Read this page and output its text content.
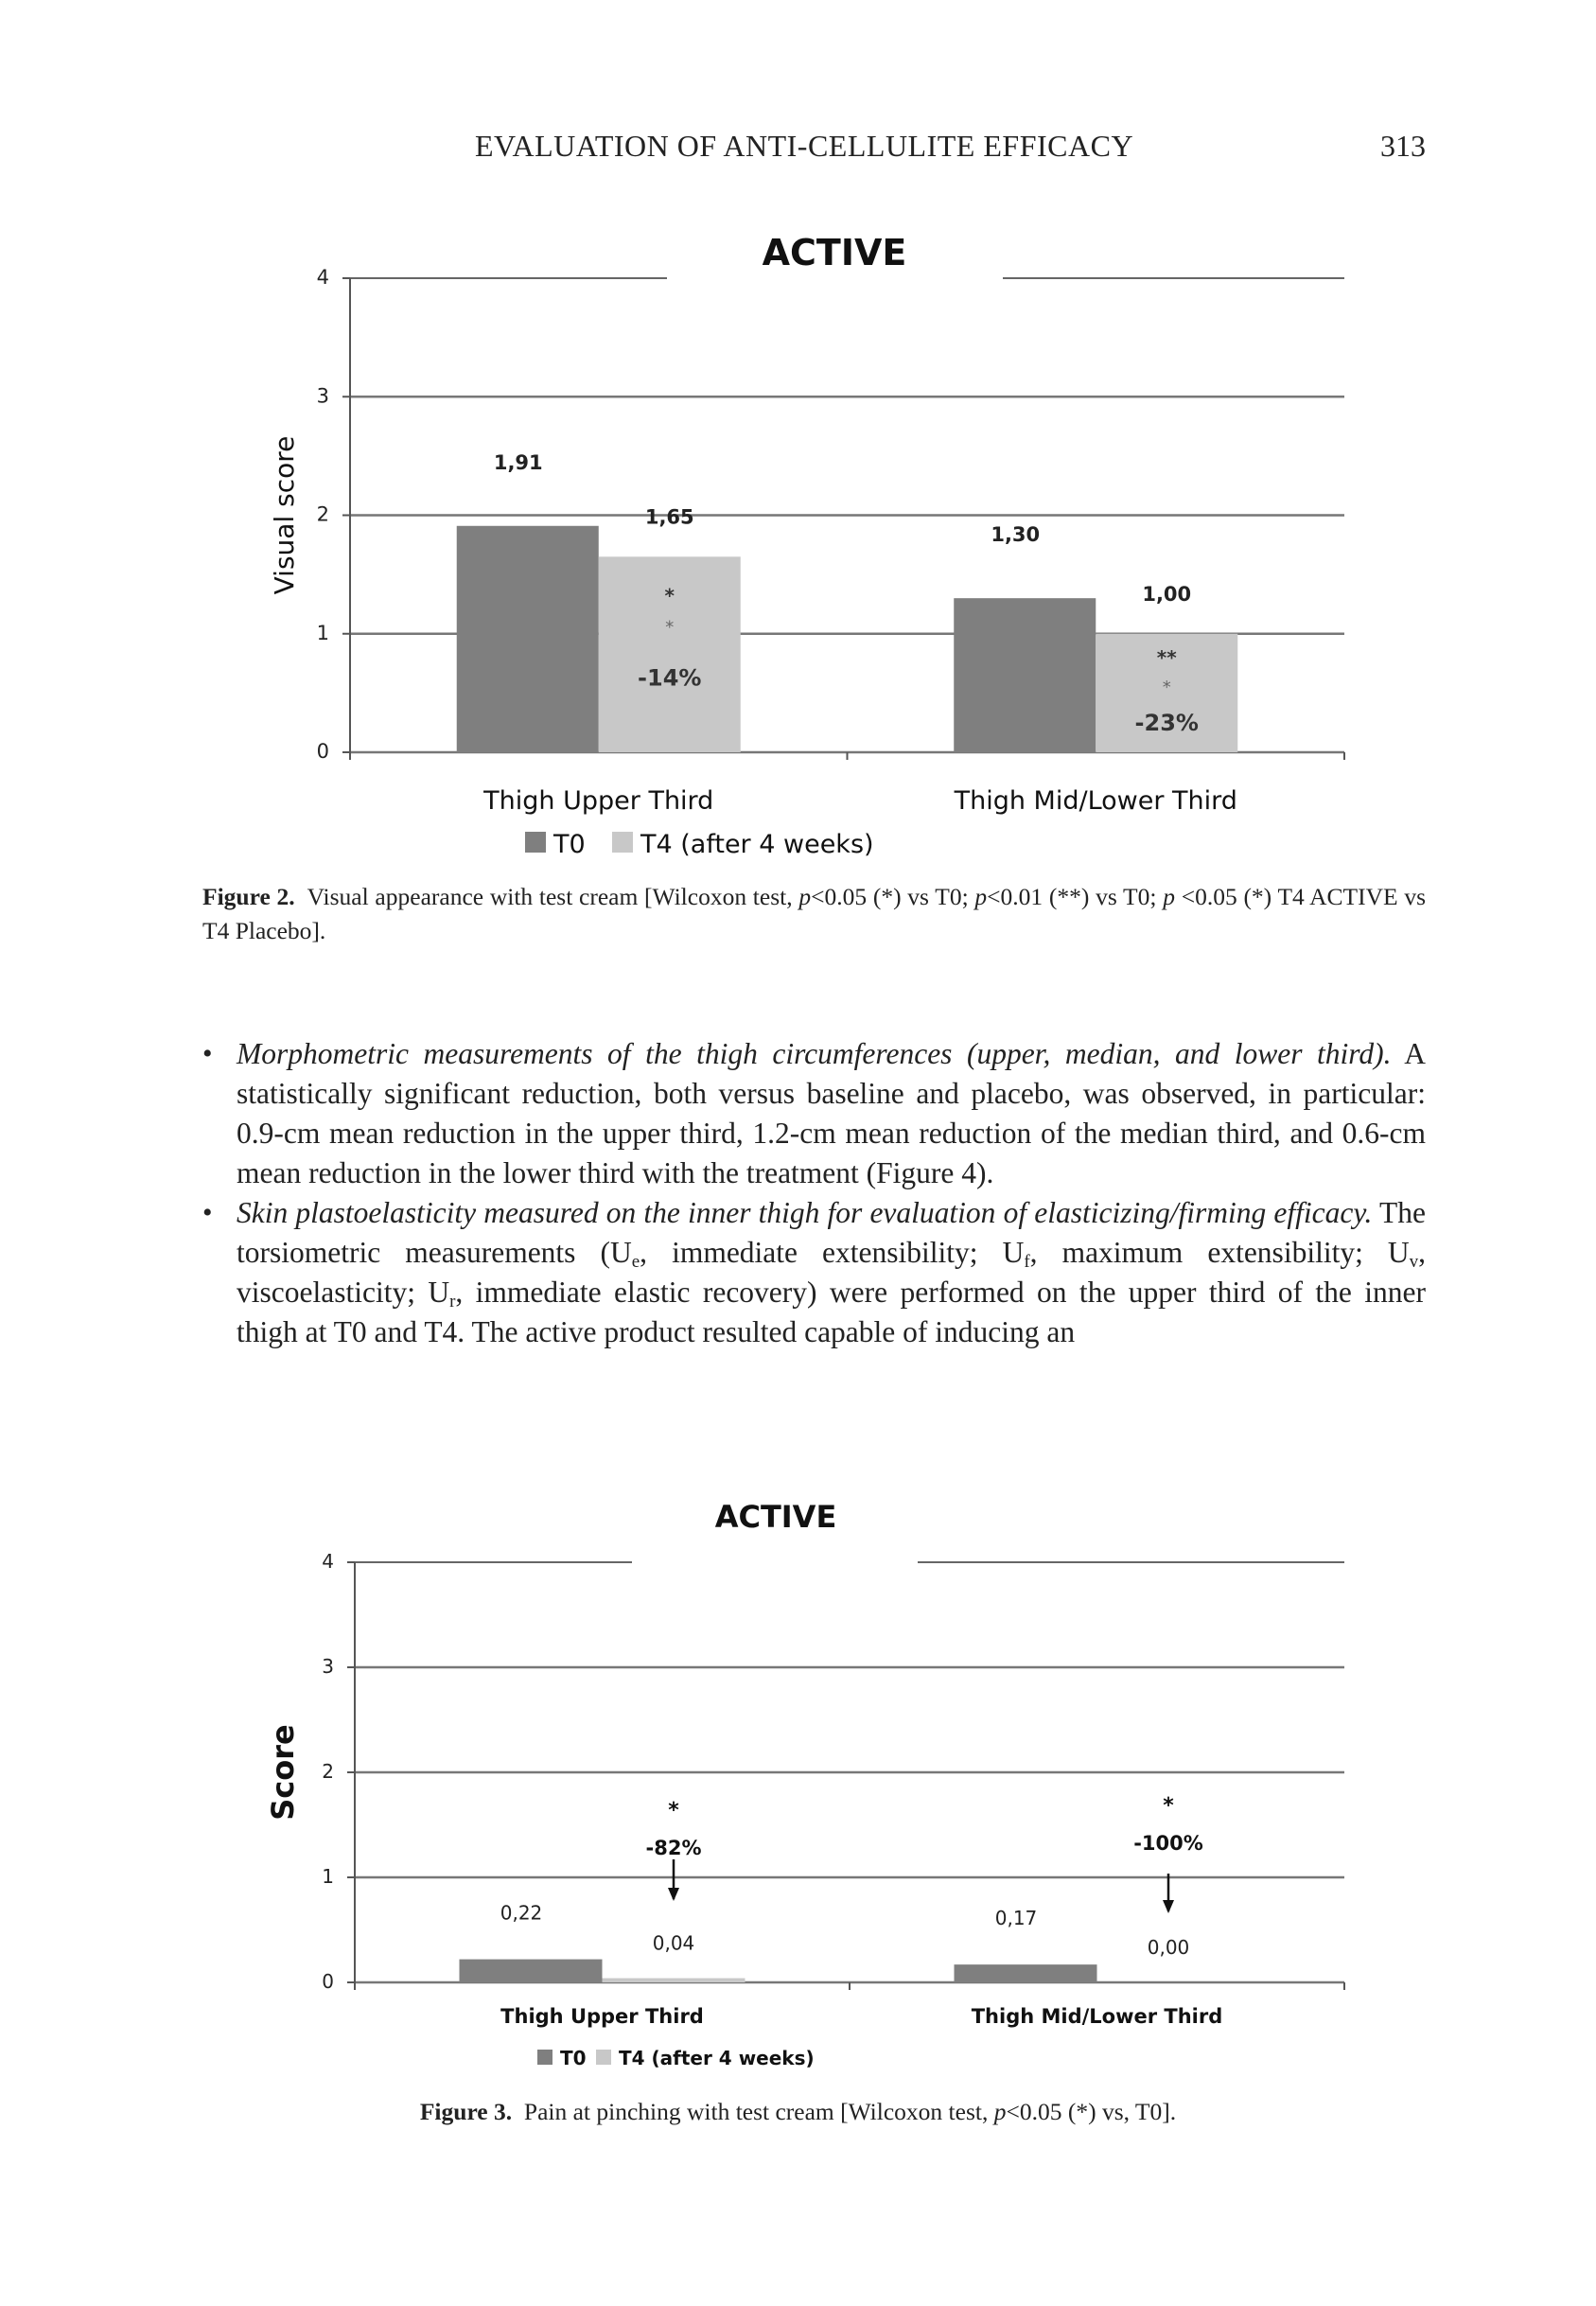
EVALUATION OF ANTI-CELLULITE EFFICACY	313
0
1
2
3
4
ACTIVE
Visual score	1,91
1,65
Thigh Upper Third
*
*
-14%
1,30
1,00
Thigh Mid/Lower Third
**
*
-23%
T0 T4 (after 4 weeks)
Figure 2. Visual appearance with test cream [Wilcoxon test, p<0.05 (*) vs T0; p<0.01 (**) vs T0; p <0.05 (*) T4 ACTIVE vs T4 Placebo].
• Morphometric measurements of the thigh circumferences (upper, median, and lower third). A statistically significant reduction, both versus baseline and placebo, was observed, in particular: 0.9-cm mean reduction in the upper third, 1.2-cm mean reduction of the median third, and 0.6-cm mean reduction in the lower third with the treatment (Figure 4).
• Skin plastoelasticity measured on the inner thigh for evaluation of elasticizing/firming efficacy. The torsiometric measurements ($U_e$, immediate extensibility; $U_f$, maximum extensibility; $U_v$, viscoelasticity; $U_r$, immediate elastic recovery) were performed on the upper third of the inner thigh at T0 and T4. The active product resulted capable of inducing an
0
1
2
3
4
ACTIVE
Score
0,22
0,04
Thigh Upper Third
*
-82%
0,17
0,00
Thigh Mid/Lower Third
*
-100%
T0 T4 (after 4 weeks)
Figure 3. Pain at pinching with test cream [Wilcoxon test, p<0.05 (*) vs, T0].
